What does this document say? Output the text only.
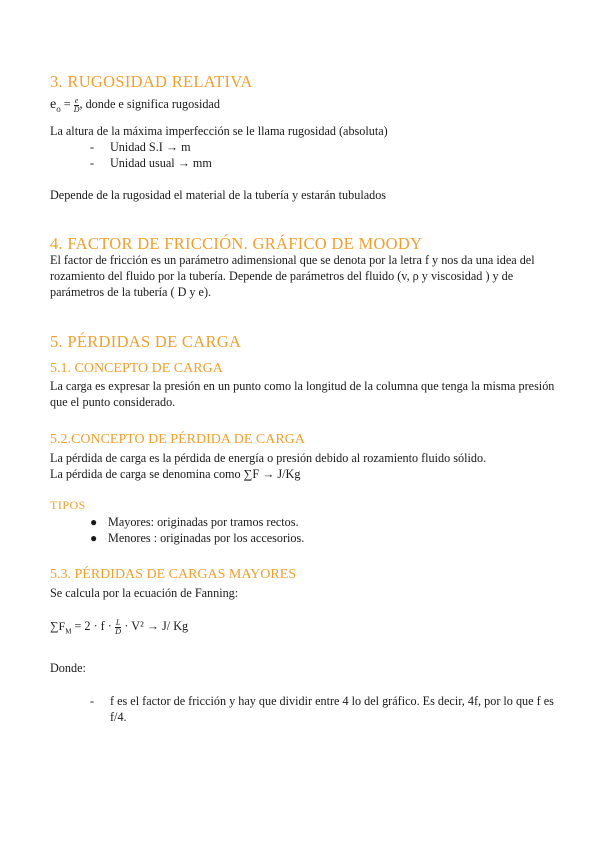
3. RUGOSIDAD RELATIVA
$e_o = \frac{e}{D}$ , donde e significa rugosidad
La altura de la máxima imperfección se le llama rugosidad (absoluta)
- Unidad S.I → m
- Unidad usual → mm
Depende de la rugosidad el material de la tubería y estarán tubulados
4. FACTOR DE FRICCIÓN. GRÁFICO DE MOODY
El factor de fricción es un parámetro adimensional que se denota por la letra f y nos da una idea del rozamiento del fluido por la tubería. Depende de parámetros del fluido (v, ρ y viscosidad ) y de parámetros de la tubería ( D y e).
5. PÉRDIDAS DE CARGA
5.1. CONCEPTO DE CARGA
La carga es expresar la presión en un punto como la longitud de la columna que tenga la misma presión que el punto considerado.
5.2.CONCEPTO DE PÉRDIDA DE CARGA
La pérdida de carga es la pérdida de energía o presión debido al rozamiento fluido sólido.
La pérdida de carga se denomina como ∑F → J/Kg
TIPOS
● Mayores: originadas por tramos rectos.
● Menores : originadas por los accesorios.
5.3. PÉRDIDAS DE CARGAS MAYORES
Se calcula por la ecuación de Fanning:
$\sum F_M = 2 \cdot f \cdot \frac{L}{D} \cdot V^2 \to J/$ Kg
Donde:
- f es el factor de fricción y hay que dividir entre 4 lo del gráfico. Es decir, 4f, por lo que f es f/4.
